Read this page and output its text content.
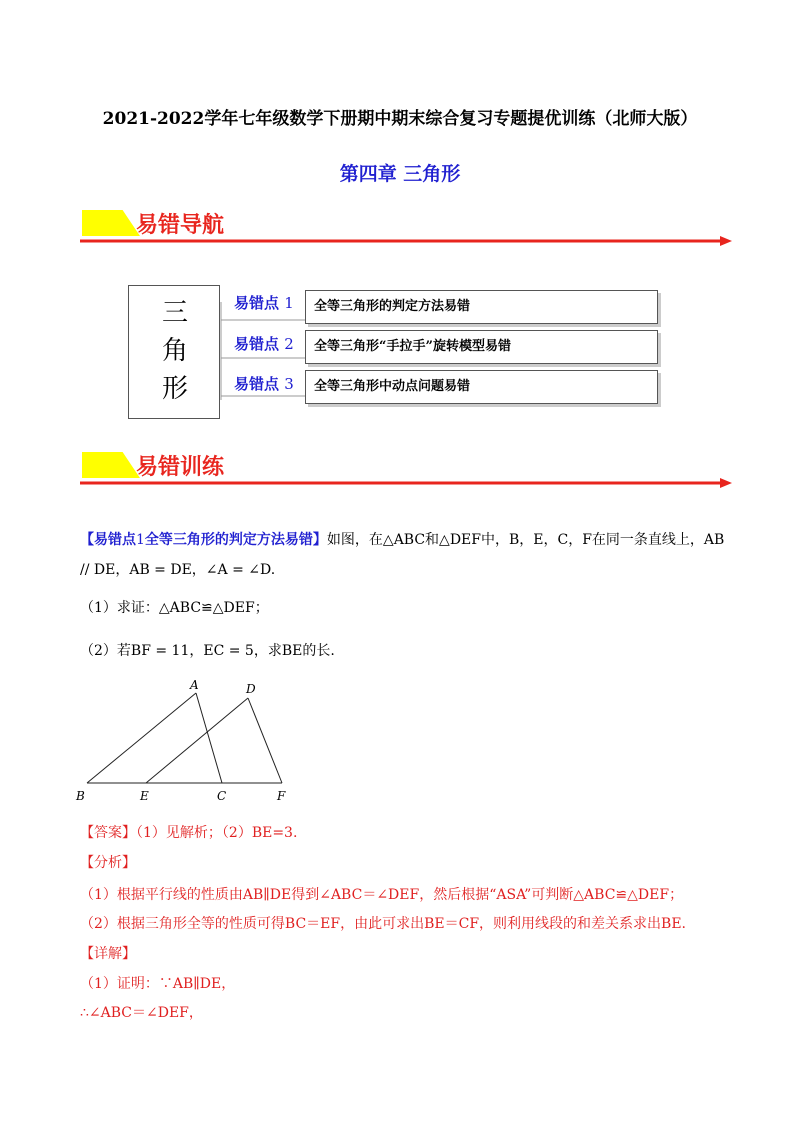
2021-2022学年七年级数学下册期中期末综合复习专题提优训练（北师大版）
第四章 三角形
易错导航
三
角
形
易错点 1	全等三角形的判定方法易错
易错点 2	全等三角形“手拉手”旋转模型易错
易错点 3	全等三角形中动点问题易错
易错训练
【易错点1全等三角形的判定方法易错】如图，在△ABC和△DEF中，B，E，C，F在同一条直线上，AB
// DE，AB = DE，∠A = ∠D.
（1）求证：△ABC≌△DEF；
（2）若BF = 11，EC = 5，求BE的长.
A	D
B	E	C	F
【答案】（1）见解析；（2）BE=3.
【分析】
（1）根据平行线的性质由AB∥DE得到∠ABC＝∠DEF，然后根据“ASA”可判断△ABC≌△DEF；
（2）根据三角形全等的性质可得BC＝EF，由此可求出BE＝CF，则利用线段的和差关系求出BE.
【详解】
（1）证明：∵AB∥DE，
∴∠ABC＝∠DEF，
